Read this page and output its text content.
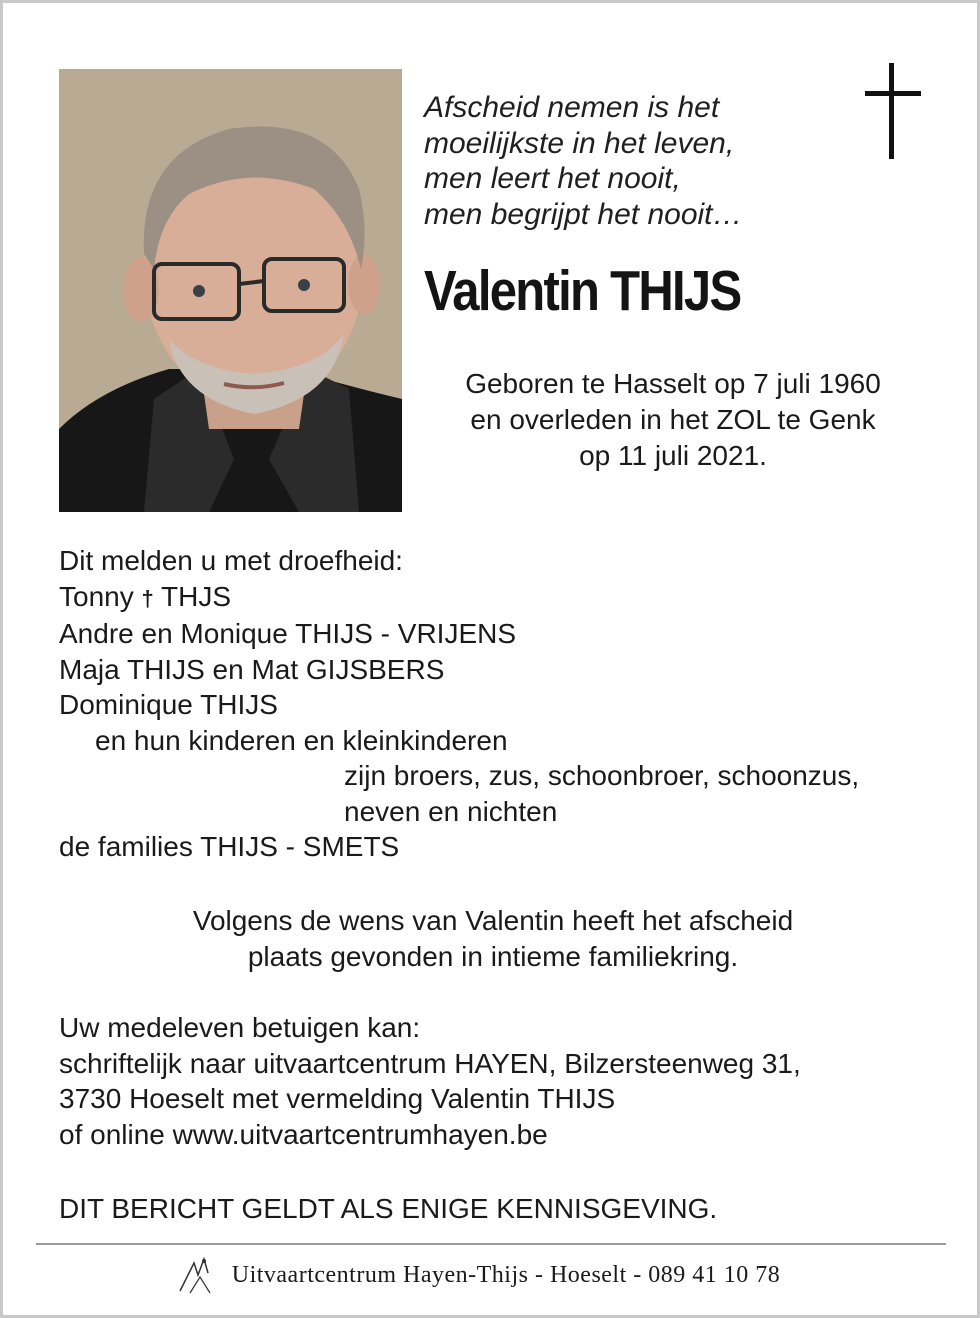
Afscheid nemen is het
moeilijkste in het leven,
men leert het nooit,
men begrijpt het nooit…
Valentin THIJS
Geboren te Hasselt op 7 juli 1960
en overleden in het ZOL te Genk
op 11 juli 2021.
Dit melden u met droefheid:
Tonny † THJS
Andre en Monique THIJS - VRIJENS
Maja THIJS en Mat GIJSBERS
Dominique THIJS
en hun kinderen en kleinkinderen
zijn broers, zus, schoonbroer, schoonzus,
neven en nichten
de families THIJS - SMETS
Volgens de wens van Valentin heeft het afscheid
plaats gevonden in intieme familiekring.
Uw medeleven betuigen kan:
schriftelijk naar uitvaartcentrum HAYEN, Bilzersteenweg 31,
3730 Hoeselt met vermelding Valentin THIJS
of online www.uitvaartcentrumhayen.be
DIT BERICHT GELDT ALS ENIGE KENNISGEVING.
Uitvaartcentrum Hayen-Thijs - Hoeselt - 089 41 10 78
